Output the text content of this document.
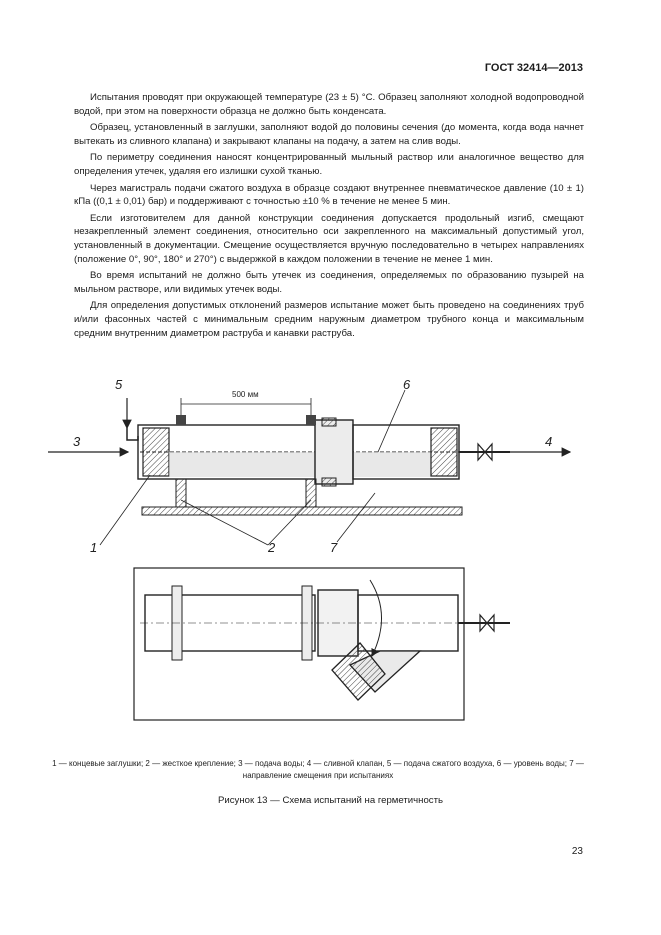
ГОСТ 32414—2013

Испытания проводят при окружающей температуре (23 ± 5) °С. Образец заполняют холодной водопроводной водой, при этом на поверхности образца не должно быть конденсата.

Образец, установленный в заглушки, заполняют водой до половины сечения (до момента, когда вода начнет вытекать из сливного клапана) и закрывают клапаны на подачу, а затем на слив воды.

По периметру соединения наносят концентрированный мыльный раствор или аналогичное вещество для определения утечек, удаляя его излишки сухой тканью.

Через магистраль подачи сжатого воздуха в образце создают внутреннее пневматическое давление (10 ± 1) кПа ((0,1 ± 0,01) бар) и поддерживают с точностью ±10 % в течение не менее 5 мин.

Если изготовителем для данной конструкции соединения допускается продольный изгиб, смещают незакрепленный элемент соединения, относительно оси закрепленного на максимальный допустимый угол, установленный в документации. Смещение осуществляется вручную последовательно в четырех направлениях (положение 0°, 90°, 180° и 270°) с выдержкой в каждом положении в течение не менее 1 мин.

Во время испытаний не должно быть утечек из соединения, определяемых по образованию пузырей на мыльном растворе, или видимых утечек воды.

Для определения допустимых отклонений размеров испытание может быть проведено на соединениях труб и/или фасонных частей с минимальным средним наружным диаметром трубного конца и максимальным средним внутренним диаметром раструба и канавки раструба.

500 мм
5
3	4
6
1	2	7
1 — концевые заглушки; 2 — жесткое крепление; 3 — подача воды; 4 — сливной клапан, 5 — подача сжатого воздуха, 6 — уровень воды; 7 — направление смещения при испытаниях
Рисунок 13 — Схема испытаний на герметичность
23
